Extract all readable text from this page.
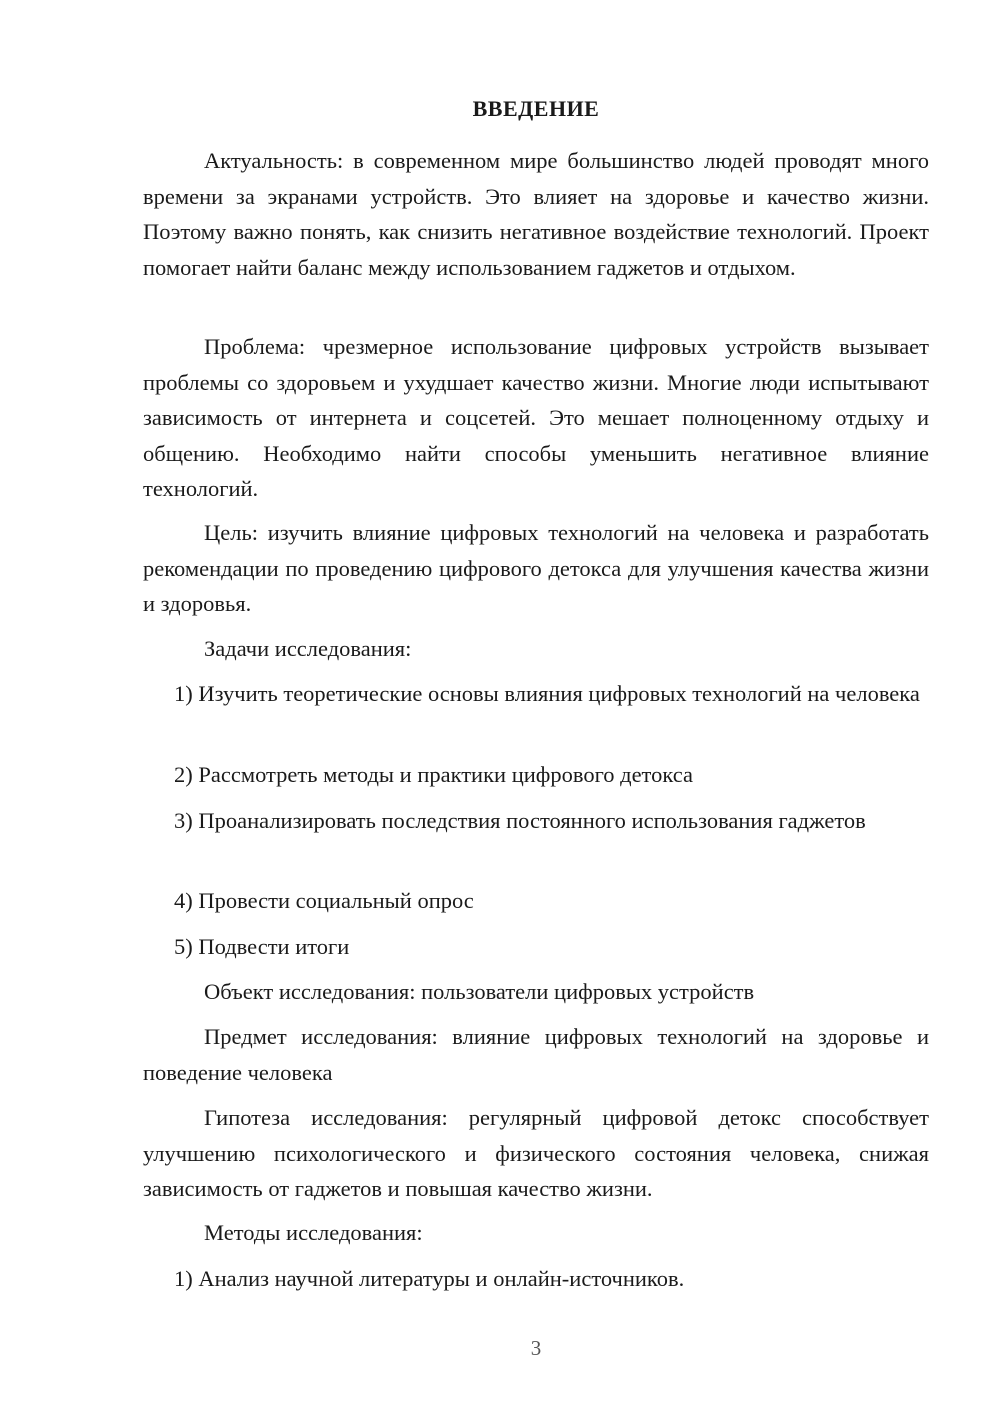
ВВЕДЕНИЕ

Актуальность: в современном мире большинство людей проводят много времени за экранами устройств. Это влияет на здоровье и качество жизни. Поэтому важно понять, как снизить негативное воздействие технологий. Проект помогает найти баланс между использованием гаджетов и отдыхом.

Проблема: чрезмерное использование цифровых устройств вызывает проблемы со здоровьем и ухудшает качество жизни. Многие люди испытывают зависимость от интернета и соцсетей. Это мешает полноценному отдыху и общению. Необходимо найти способы уменьшить негативное влияние технологий.

Цель: изучить влияние цифровых технологий на человека и разработать рекомендации по проведению цифрового детокса для улучшения качества жизни и здоровья.

Задачи исследования:

1) Изучить теоретические основы влияния цифровых технологий на человека

2) Рассмотреть методы и практики цифрового детокса

3) Проанализировать последствия постоянного использования гаджетов

4) Провести социальный опрос

5) Подвести итоги

Объект исследования: пользователи цифровых устройств

Предмет исследования: влияние цифровых технологий на здоровье и поведение человека

Гипотеза исследования: регулярный цифровой детокс способствует улучшению психологического и физического состояния человека, снижая зависимость от гаджетов и повышая качество жизни.

Методы исследования:

1) Анализ научной литературы и онлайн-источников.

3
